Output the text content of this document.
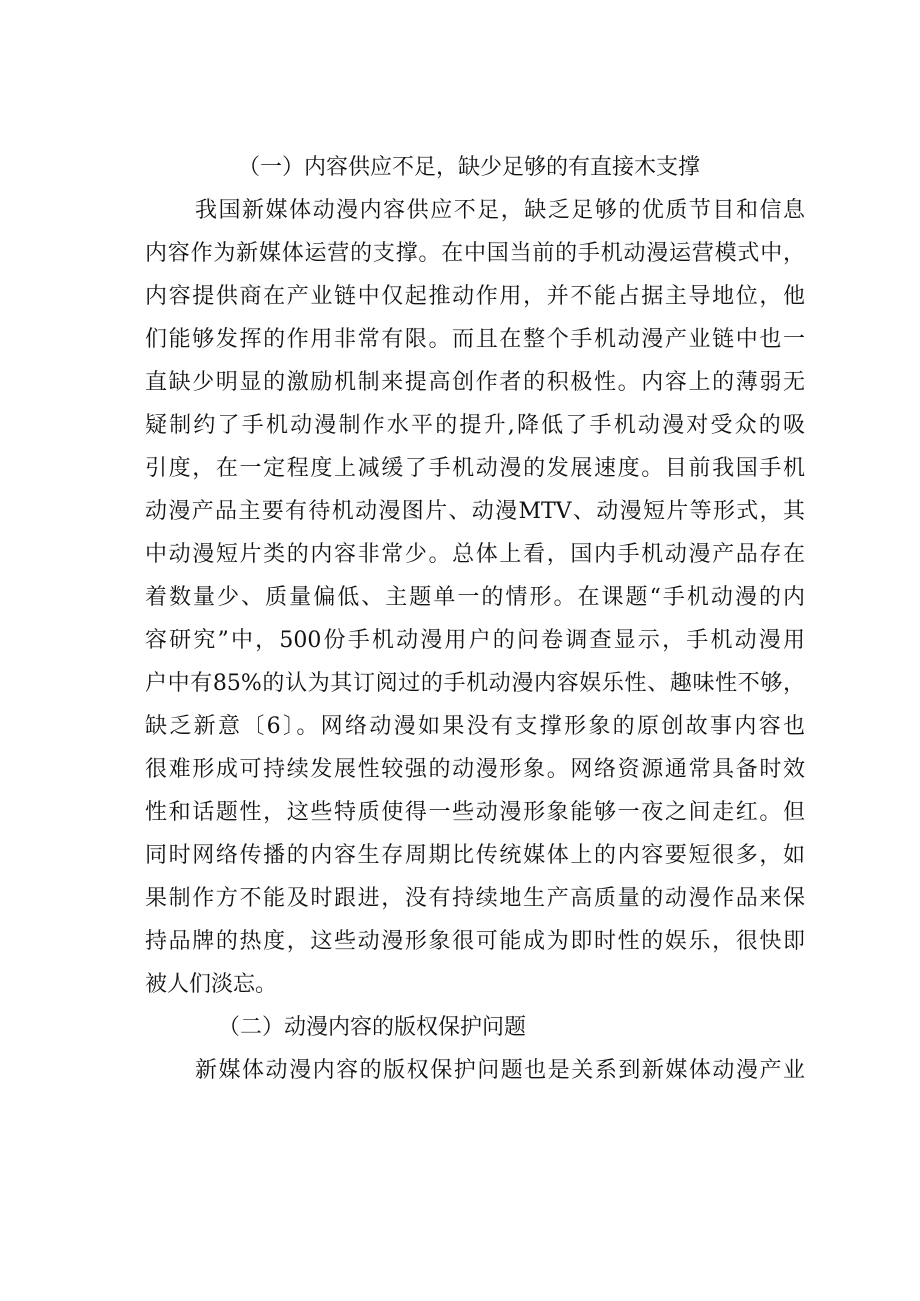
（一）内容供应不足，缺少足够的有直接木支撑
我国新媒体动漫内容供应不足，缺乏足够的优质节目和信息
内容作为新媒体运营的支撑。在中国当前的手机动漫运营模式中，
内容提供商在产业链中仅起推动作用，并不能占据主导地位，他
们能够发挥的作用非常有限。而且在整个手机动漫产业链中也一
直缺少明显的激励机制来提高创作者的积极性。内容上的薄弱无
疑制约了手机动漫制作水平的提升,降低了手机动漫对受众的吸
引度，在一定程度上减缓了手机动漫的发展速度。目前我国手机
动漫产品主要有待机动漫图片、动漫MTV、动漫短片等形式，其
中动漫短片类的内容非常少。总体上看，国内手机动漫产品存在
着数量少、质量偏低、主题单一的情形。在课题“手机动漫的内
容研究”中，500份手机动漫用户的问卷调查显示，手机动漫用
户中有85%的认为其订阅过的手机动漫内容娱乐性、趣味性不够，
缺乏新意〔6〕。网络动漫如果没有支撑形象的原创故事内容也
很难形成可持续发展性较强的动漫形象。网络资源通常具备时效
性和话题性，这些特质使得一些动漫形象能够一夜之间走红。但
同时网络传播的内容生存周期比传统媒体上的内容要短很多，如
果制作方不能及时跟进，没有持续地生产高质量的动漫作品来保
持品牌的热度，这些动漫形象很可能成为即时性的娱乐，很快即
被人们淡忘。
（二）动漫内容的版权保护问题
新媒体动漫内容的版权保护问题也是关系到新媒体动漫产业
